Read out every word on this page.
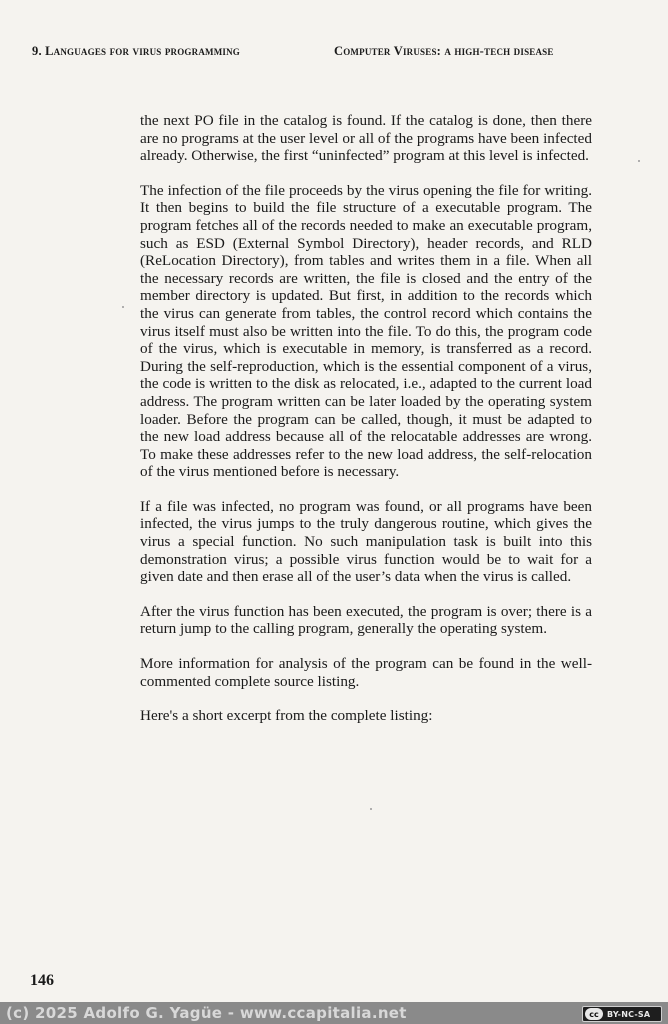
9. Languages for virus programming	Computer Viruses: a high-tech disease

the next PO file in the catalog is found. If the catalog is done, then there are no programs at the user level or all of the programs have been infected already. Otherwise, the first “uninfected” program at this level is infected.

The infection of the file proceeds by the virus opening the file for writing. It then begins to build the file structure of a executable program. The program fetches all of the records needed to make an executable program, such as ESD (External Symbol Directory), header records, and RLD (ReLocation Directory), from tables and writes them in a file. When all the necessary records are written, the file is closed and the entry of the member directory is updated. But first, in addition to the records which the virus can generate from tables, the control record which contains the virus itself must also be written into the file. To do this, the program code of the virus, which is executable in memory, is transferred as a record. During the self-reproduction, which is the essential component of a virus, the code is written to the disk as relocated, i.e., adapted to the current load address. The program written can be later loaded by the operating system loader. Before the program can be called, though, it must be adapted to the new load address because all of the relocatable addresses are wrong. To make these addresses refer to the new load address, the self-relocation of the virus mentioned before is necessary.

If a file was infected, no program was found, or all programs have been infected, the virus jumps to the truly dangerous routine, which gives the virus a special function. No such manipulation task is built into this demonstration virus; a possible virus function would be to wait for a given date and then erase all of the user’s data when the virus is called.

After the virus function has been executed, the program is over; there is a return jump to the calling program, generally the operating system.

More information for analysis of the program can be found in the well-commented complete source listing.

Here's a short excerpt from the complete listing:

146
(c) 2025 Adolfo G. Yagüe - www.ccapitalia.net	cc	BY-NC-SA
